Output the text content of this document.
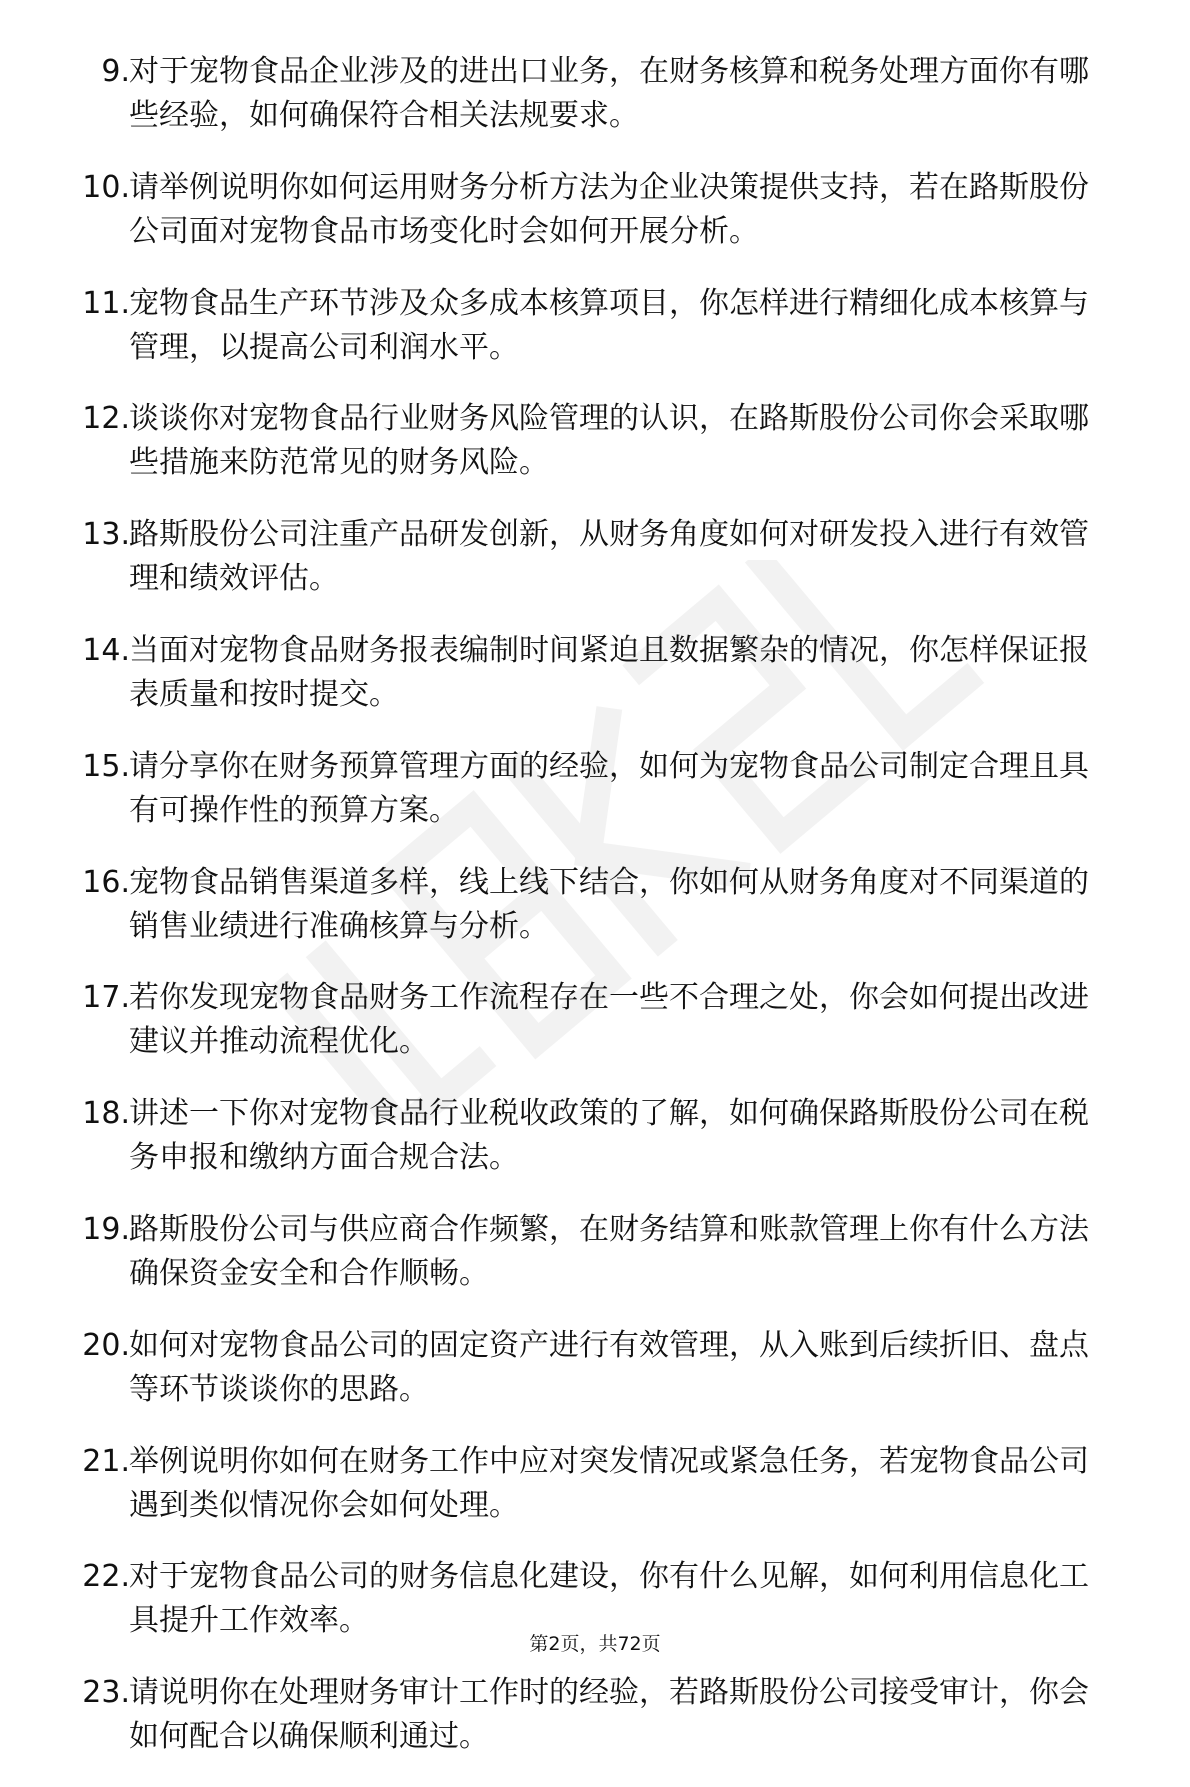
9. 对于宠物食品企业涉及的进出口业务，在财务核算和税务处理方面你有哪些经验，如何确保符合相关法规要求。
10. 请举例说明你如何运用财务分析方法为企业决策提供支持，若在路斯股份公司面对宠物食品市场变化时会如何开展分析。
11. 宠物食品生产环节涉及众多成本核算项目，你怎样进行精细化成本核算与管理，以提高公司利润水平。
12. 谈谈你对宠物食品行业财务风险管理的认识，在路斯股份公司你会采取哪些措施来防范常见的财务风险。
13. 路斯股份公司注重产品研发创新，从财务角度如何对研发投入进行有效管理和绩效评估。
14. 当面对宠物食品财务报表编制时间紧迫且数据繁杂的情况，你怎样保证报表质量和按时提交。
15. 请分享你在财务预算管理方面的经验，如何为宠物食品公司制定合理且具有可操作性的预算方案。
16. 宠物食品销售渠道多样，线上线下结合，你如何从财务角度对不同渠道的销售业绩进行准确核算与分析。
17. 若你发现宠物食品财务工作流程存在一些不合理之处，你会如何提出改进建议并推动流程优化。
18. 讲述一下你对宠物食品行业税收政策的了解，如何确保路斯股份公司在税务申报和缴纳方面合规合法。
19. 路斯股份公司与供应商合作频繁，在财务结算和账款管理上你有什么方法确保资金安全和合作顺畅。
20. 如何对宠物食品公司的固定资产进行有效管理，从入账到后续折旧、盘点等环节谈谈你的思路。
21. 举例说明你如何在财务工作中应对突发情况或紧急任务，若宠物食品公司遇到类似情况你会如何处理。
22. 对于宠物食品公司的财务信息化建设，你有什么见解，如何利用信息化工具提升工作效率。
23. 请说明你在处理财务审计工作时的经验，若路斯股份公司接受审计，你会如何配合以确保顺利通过。
第2页，共72页
